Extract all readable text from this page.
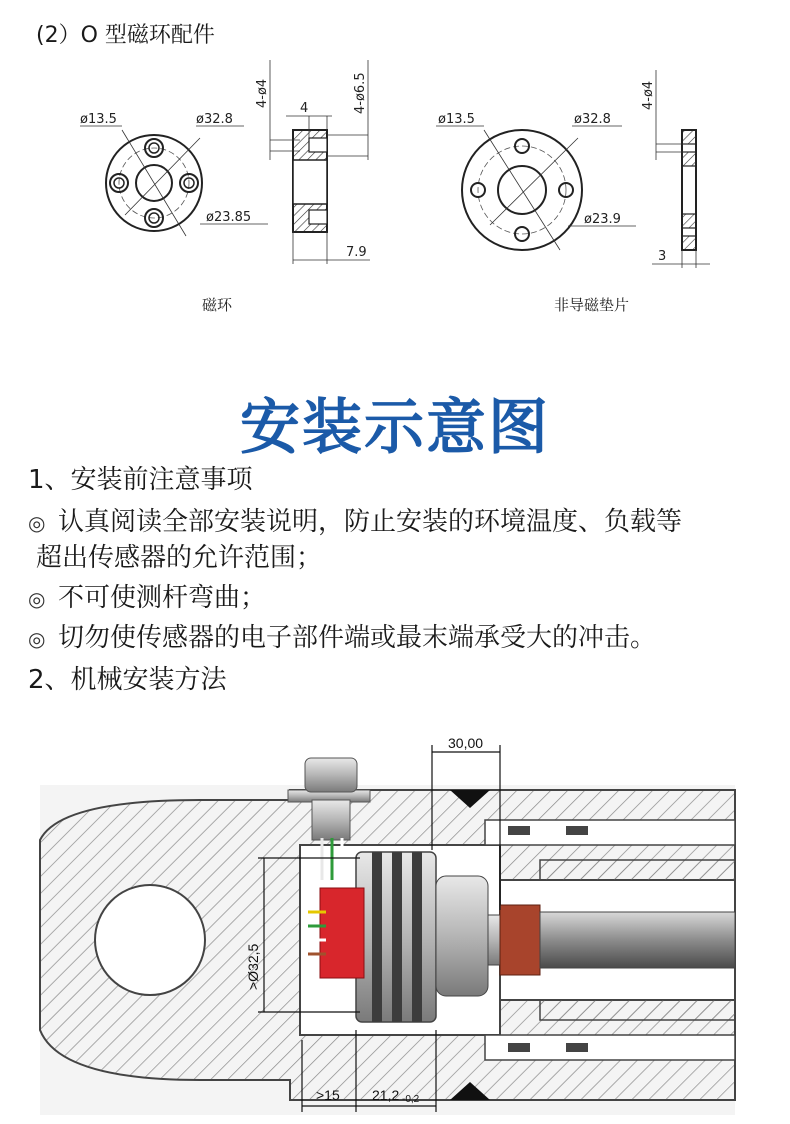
(2）O 型磁环配件
ø13.5	ø32.8
ø23.85
4
7.9
4-ø4	4-ø6.5
ø13.5	ø32.8
ø23.9
3
4-ø4
磁环	非导磁垫片
安装示意图
1、安装前注意事项
◎ 认真阅读全部安装说明，防止安装的环境温度、负载等
超出传感器的允许范围；
◎ 不可使测杆弯曲；
◎ 切勿使传感器的电子部件端或最末端承受大的冲击。
2、机械安装方法
30,00
>Ø32,5
>15 21,2 -0,2
